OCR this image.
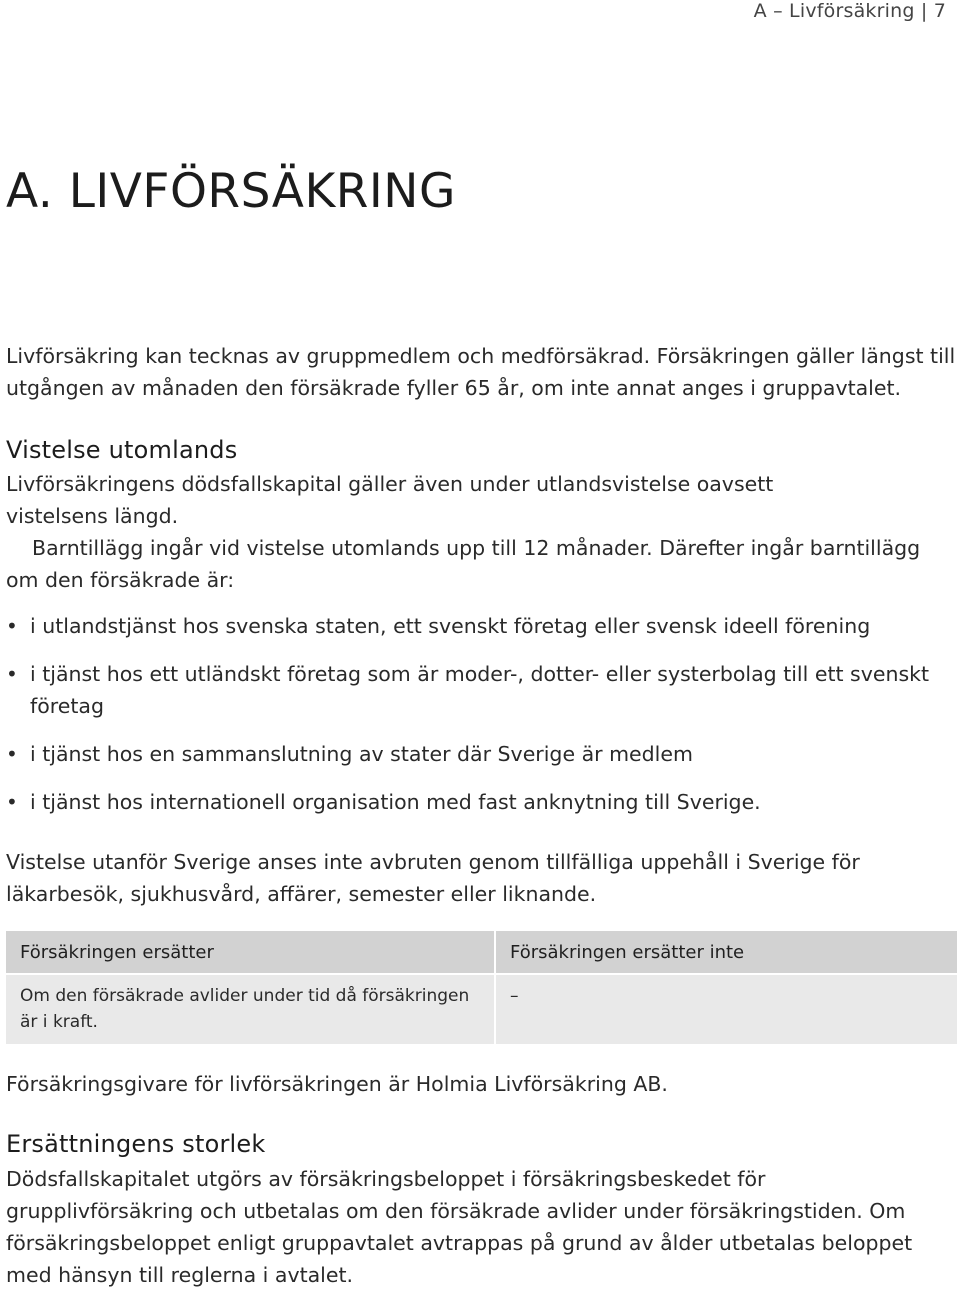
A – Livförsäkring | 7
A. LIVFÖRSÄKRING

Livförsäkring kan tecknas av gruppmedlem och medförsäkrad. Försäkringen gäller längst till utgången av månaden den försäkrade fyller 65 år, om inte annat anges i gruppavtalet.

Vistelse utomlands

Livförsäkringens dödsfallskapital gäller även under utlandsvistelse oavsett vistelsens längd.

Barntillägg ingår vid vistelse utomlands upp till 12 månader. Därefter ingår barntillägg om den försäkrade är:

• i utlandstjänst hos svenska staten, ett svenskt företag eller svensk ideell förening
• i tjänst hos ett utländskt företag som är moder-, dotter- eller systerbolag till ett svenskt företag
• i tjänst hos en sammanslutning av stater där Sverige är medlem
• i tjänst hos internationell organisation med fast anknytning till Sverige.

Vistelse utanför Sverige anses inte avbruten genom tillfälliga uppehåll i Sverige för läkarbesök, sjukhusvård, affärer, semester eller liknande.

Försäkringen ersätter	Försäkringen ersätter inte
Om den försäkrade avlider under tid då försäkringen är i kraft.	–

Försäkringsgivare för livförsäkringen är Holmia Livförsäkring AB.

Ersättningens storlek

Dödsfallskapitalet utgörs av försäkringsbeloppet i försäkringsbeskedet för grupplivförsäkring och utbetalas om den försäkrade avlider under försäkringstiden. Om försäkringsbeloppet enligt gruppavtalet avtrappas på grund av ålder utbetalas beloppet med hänsyn till reglerna i avtalet.
